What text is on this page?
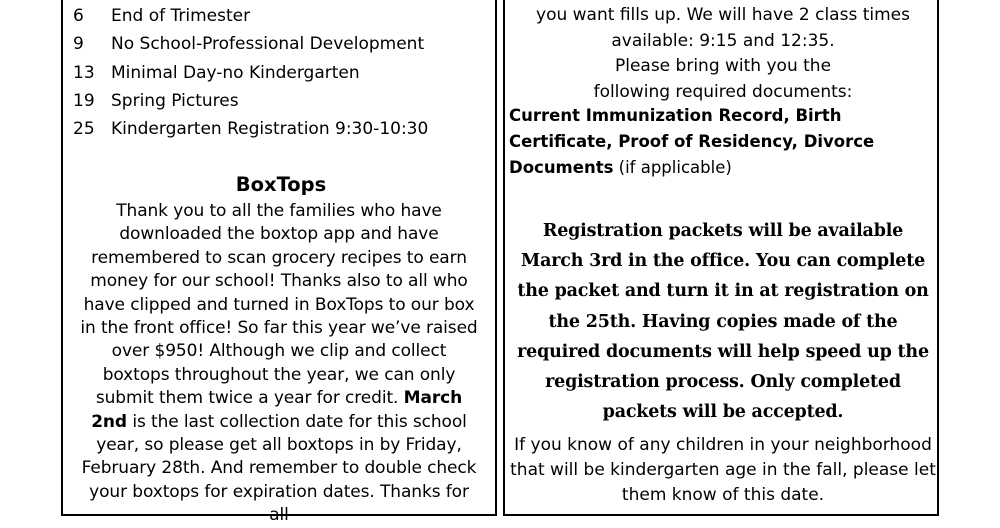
6	End of Trimester
9	No School-Professional Development
13 Minimal Day-no Kindergarten
19 Spring Pictures
25 Kindergarten Registration 9:30-10:30
BoxTops

Thank you to all the families who have downloaded the boxtop app and have remembered to scan grocery recipes to earn money for our school! Thanks also to all who have clipped and turned in BoxTops to our box in the front office! So far this year we’ve raised over $950! Although we clip and collect boxtops throughout the year, we can only submit them twice a year for credit. March 2nd is the last collection date for this school year, so please get all boxtops in by Friday, February 28th. And remember to double check your boxtops for expiration dates. Thanks for all

you want fills up. We will have 2 class times
available: 9:15 and 12:35.
Please bring with you the
following required documents:

Current Immunization Record, Birth Certificate, Proof of Residency, Divorce Documents (if applicable)

Registration packets will be available March 3rd in the office. You can complete the packet and turn it in at registration on the 25th. Having copies made of the required documents will help speed up the registration process. Only completed packets will be accepted.

If you know of any children in your neighborhood that will be kindergarten age in the fall, please let them know of this date.
